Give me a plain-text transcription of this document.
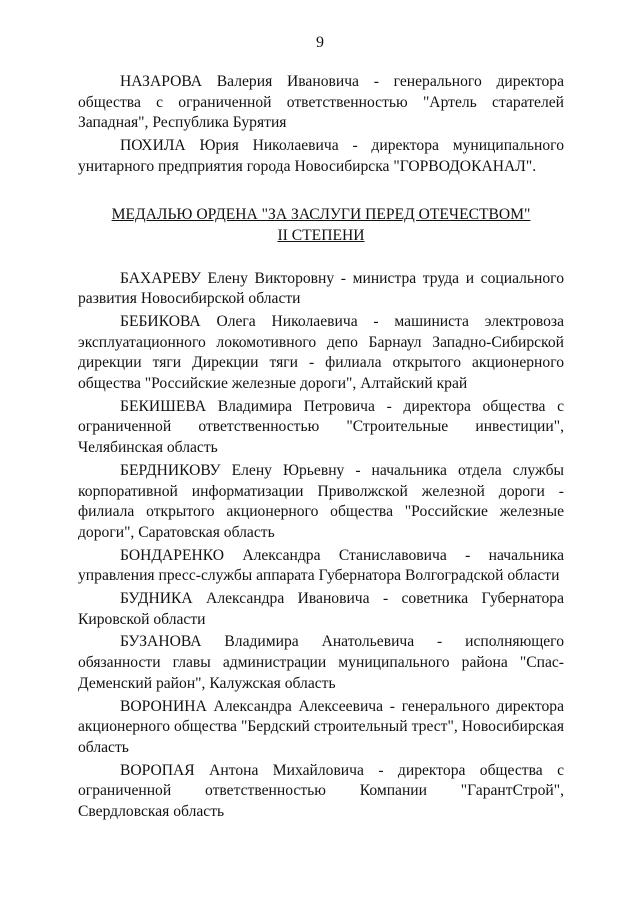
9

НАЗАРОВА Валерия Ивановича - генерального директора общества с ограниченной ответственностью "Артель старателей Западная", Республика Бурятия

ПОХИЛА Юрия Николаевича - директора муниципального унитарного предприятия города Новосибирска "ГОРВОДОКАНАЛ".

МЕДАЛЬЮ ОРДЕНА "ЗА ЗАСЛУГИ ПЕРЕД ОТЕЧЕСТВОМ"
II СТЕПЕНИ

БАХАРЕВУ Елену Викторовну - министра труда и социального развития Новосибирской области

БЕБИКОВА Олега Николаевича - машиниста электровоза эксплуатационного локомотивного депо Барнаул Западно-Сибирской дирекции тяги Дирекции тяги - филиала открытого акционерного общества "Российские железные дороги", Алтайский край

БЕКИШЕВА Владимира Петровича - директора общества с ограниченной ответственностью "Строительные инвестиции", Челябинская область

БЕРДНИКОВУ Елену Юрьевну - начальника отдела службы корпоративной информатизации Приволжской железной дороги - филиала открытого акционерного общества "Российские железные дороги", Саратовская область

БОНДАРЕНКО Александра Станиславовича - начальника управления пресс-службы аппарата Губернатора Волгоградской области

БУДНИКА Александра Ивановича - советника Губернатора Кировской области

БУЗАНОВА Владимира Анатольевича - исполняющего обязанности главы администрации муниципального района "Спас-Деменский район", Калужская область

ВОРОНИНА Александра Алексеевича - генерального директора акционерного общества "Бердский строительный трест", Новосибирская область

ВОРОПАЯ Антона Михайловича - директора общества с ограниченной ответственностью Компании "ГарантСтрой", Свердловская область
